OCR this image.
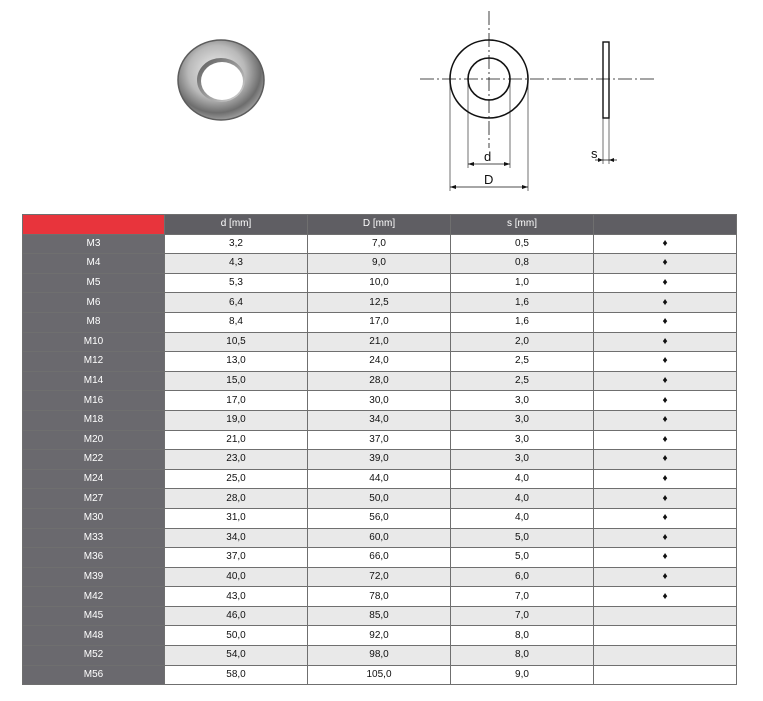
d
D
s
	d [mm]	D [mm]	s [mm]	
M3	3,2	7,0	0,5	♦
M4	4,3	9,0	0,8	♦
M5	5,3	10,0	1,0	♦
M6	6,4	12,5	1,6	♦
M8	8,4	17,0	1,6	♦
M10	10,5	21,0	2,0	♦
M12	13,0	24,0	2,5	♦
M14	15,0	28,0	2,5	♦
M16	17,0	30,0	3,0	♦
M18	19,0	34,0	3,0	♦
M20	21,0	37,0	3,0	♦
M22	23,0	39,0	3,0	♦
M24	25,0	44,0	4,0	♦
M27	28,0	50,0	4,0	♦
M30	31,0	56,0	4,0	♦
M33	34,0	60,0	5,0	♦
M36	37,0	66,0	5,0	♦
M39	40,0	72,0	6,0	♦
M42	43,0	78,0	7,0	♦
M45	46,0	85,0	7,0	
M48	50,0	92,0	8,0	
M52	54,0	98,0	8,0	
M56	58,0	105,0	9,0	
